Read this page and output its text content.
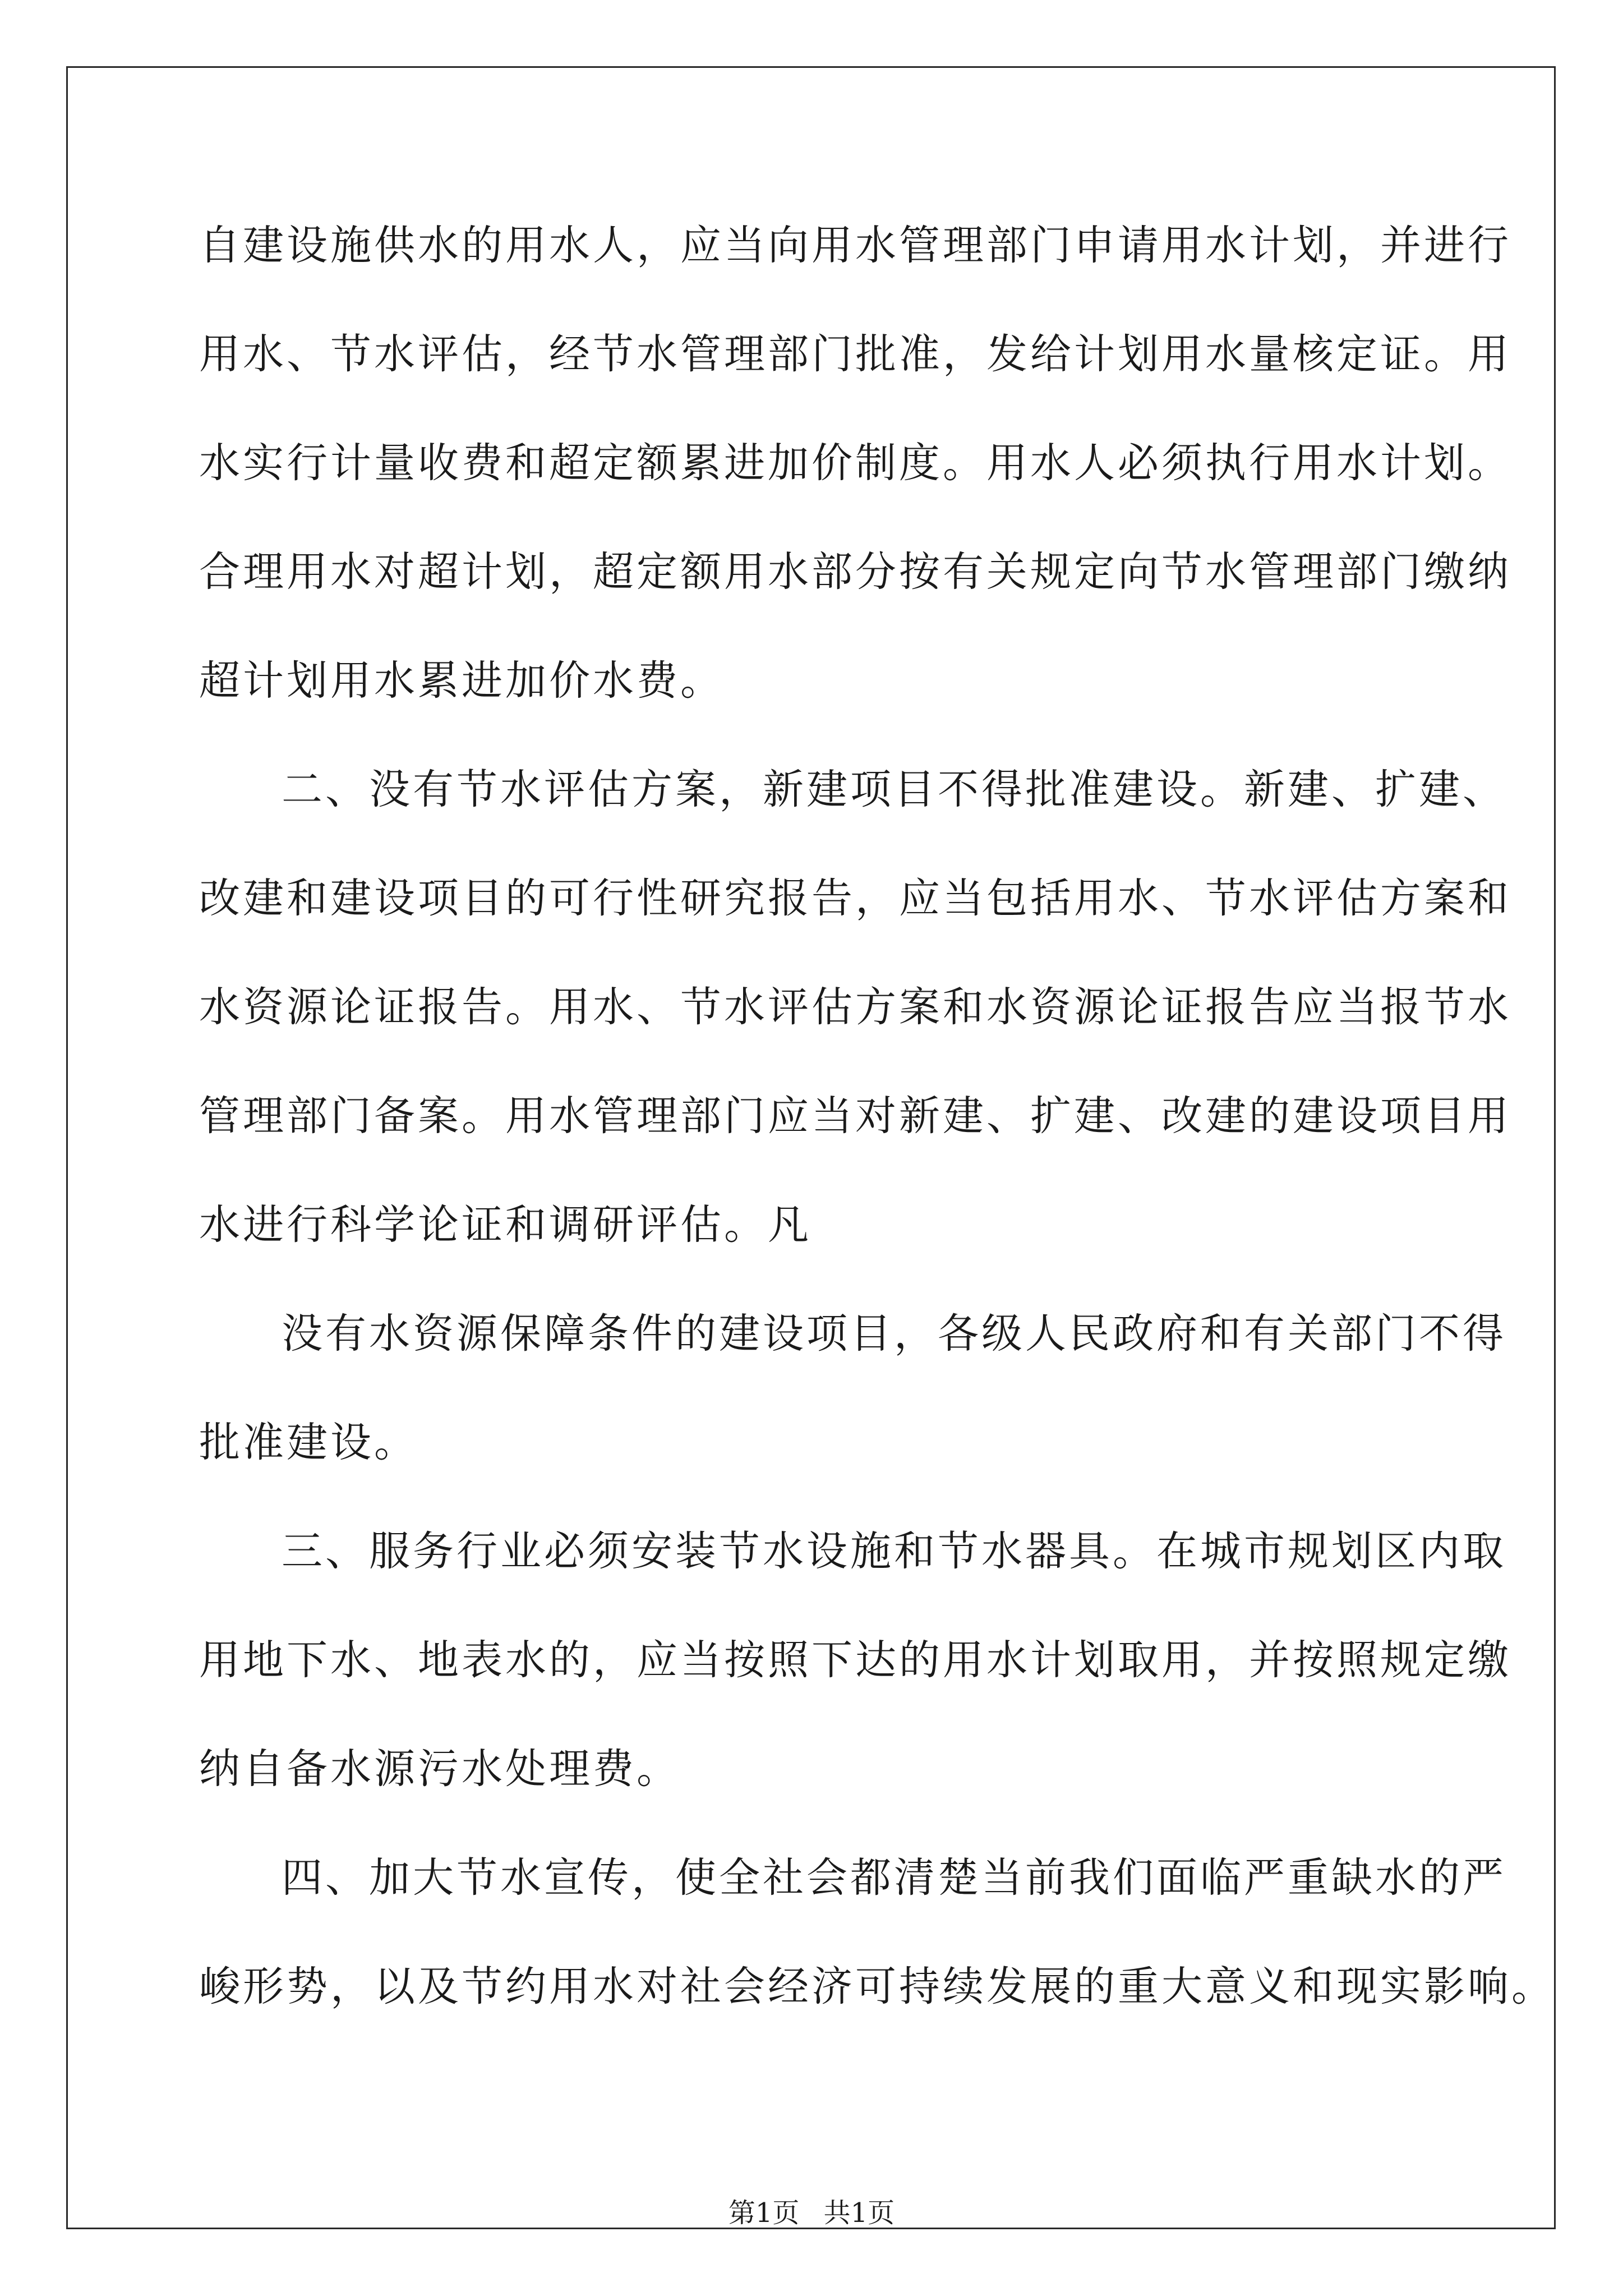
自建设施供水的用水人，应当向用水管理部门申请用水计划，并进行
用水、节水评估，经节水管理部门批准，发给计划用水量核定证。用
水实行计量收费和超定额累进加价制度。用水人必须执行用水计划。
合理用水对超计划，超定额用水部分按有关规定向节水管理部门缴纳
超计划用水累进加价水费。
二、没有节水评估方案，新建项目不得批准建设。新建、扩建、
改建和建设项目的可行性研究报告，应当包括用水、节水评估方案和
水资源论证报告。用水、节水评估方案和水资源论证报告应当报节水
管理部门备案。用水管理部门应当对新建、扩建、改建的建设项目用
水进行科学论证和调研评估。凡
没有水资源保障条件的建设项目，各级人民政府和有关部门不得
批准建设。
三、服务行业必须安装节水设施和节水器具。在城市规划区内取
用地下水、地表水的，应当按照下达的用水计划取用，并按照规定缴
纳自备水源污水处理费。
四、加大节水宣传，使全社会都清楚当前我们面临严重缺水的严
峻形势，以及节约用水对社会经济可持续发展的重大意义和现实影响。
第1页 共1页
